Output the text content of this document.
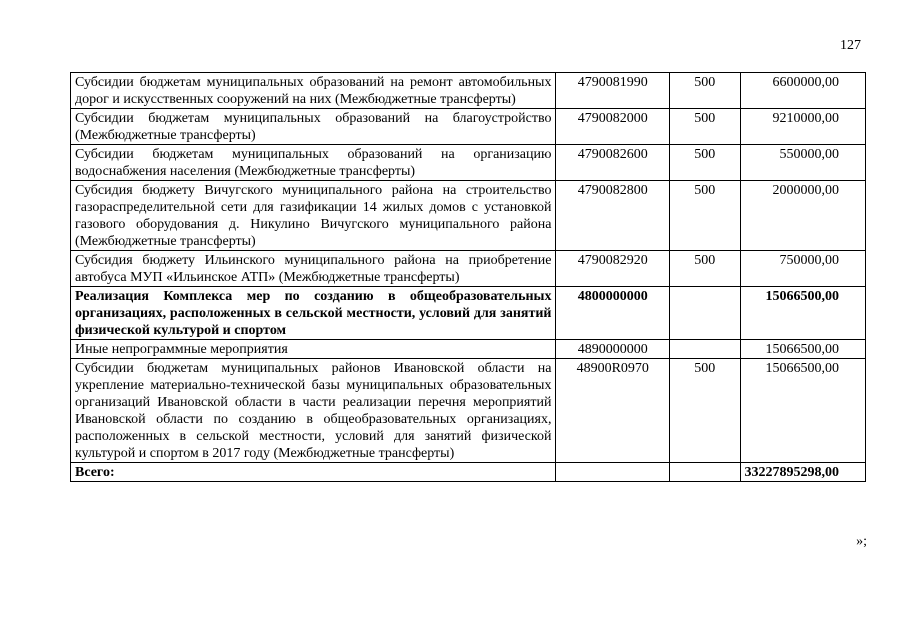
127
Субсидии бюджетам муниципальных образований на ремонт автомобильных дорог и искусственных сооружений на них (Межбюджетные трансферты)	4790081990	500	6600000,00
Субсидии бюджетам муниципальных образований на благоустройство (Межбюджетные трансферты)	4790082000	500	9210000,00
Субсидии бюджетам муниципальных образований на организацию водоснабжения населения (Межбюджетные трансферты)	4790082600	500	550000,00
Субсидия бюджету Вичугского муниципального района на строительство газораспределительной сети для газификации 14 жилых домов с установкой газового оборудования д. Никулино Вичугского муниципального района (Межбюджетные трансферты)	4790082800	500	2000000,00
Субсидия бюджету Ильинского муниципального района на приобретение автобуса МУП «Ильинское АТП» (Межбюджетные трансферты)	4790082920	500	750000,00
Реализация Комплекса мер по созданию в общеобразовательных организациях, расположенных в сельской местности, условий для занятий физической культурой и спортом	4800000000		15066500,00
Иные непрограммные мероприятия	4890000000		15066500,00
Субсидии бюджетам муниципальных районов Ивановской области на укрепление материально-технической базы муниципальных образовательных организаций Ивановской области в части реализации перечня мероприятий Ивановской области по созданию в общеобразовательных организациях, расположенных в сельской местности, условий для занятий физической культурой и спортом в 2017 году (Межбюджетные трансферты)	48900R0970	500	15066500,00
Всего:			33227895298,00
»;
